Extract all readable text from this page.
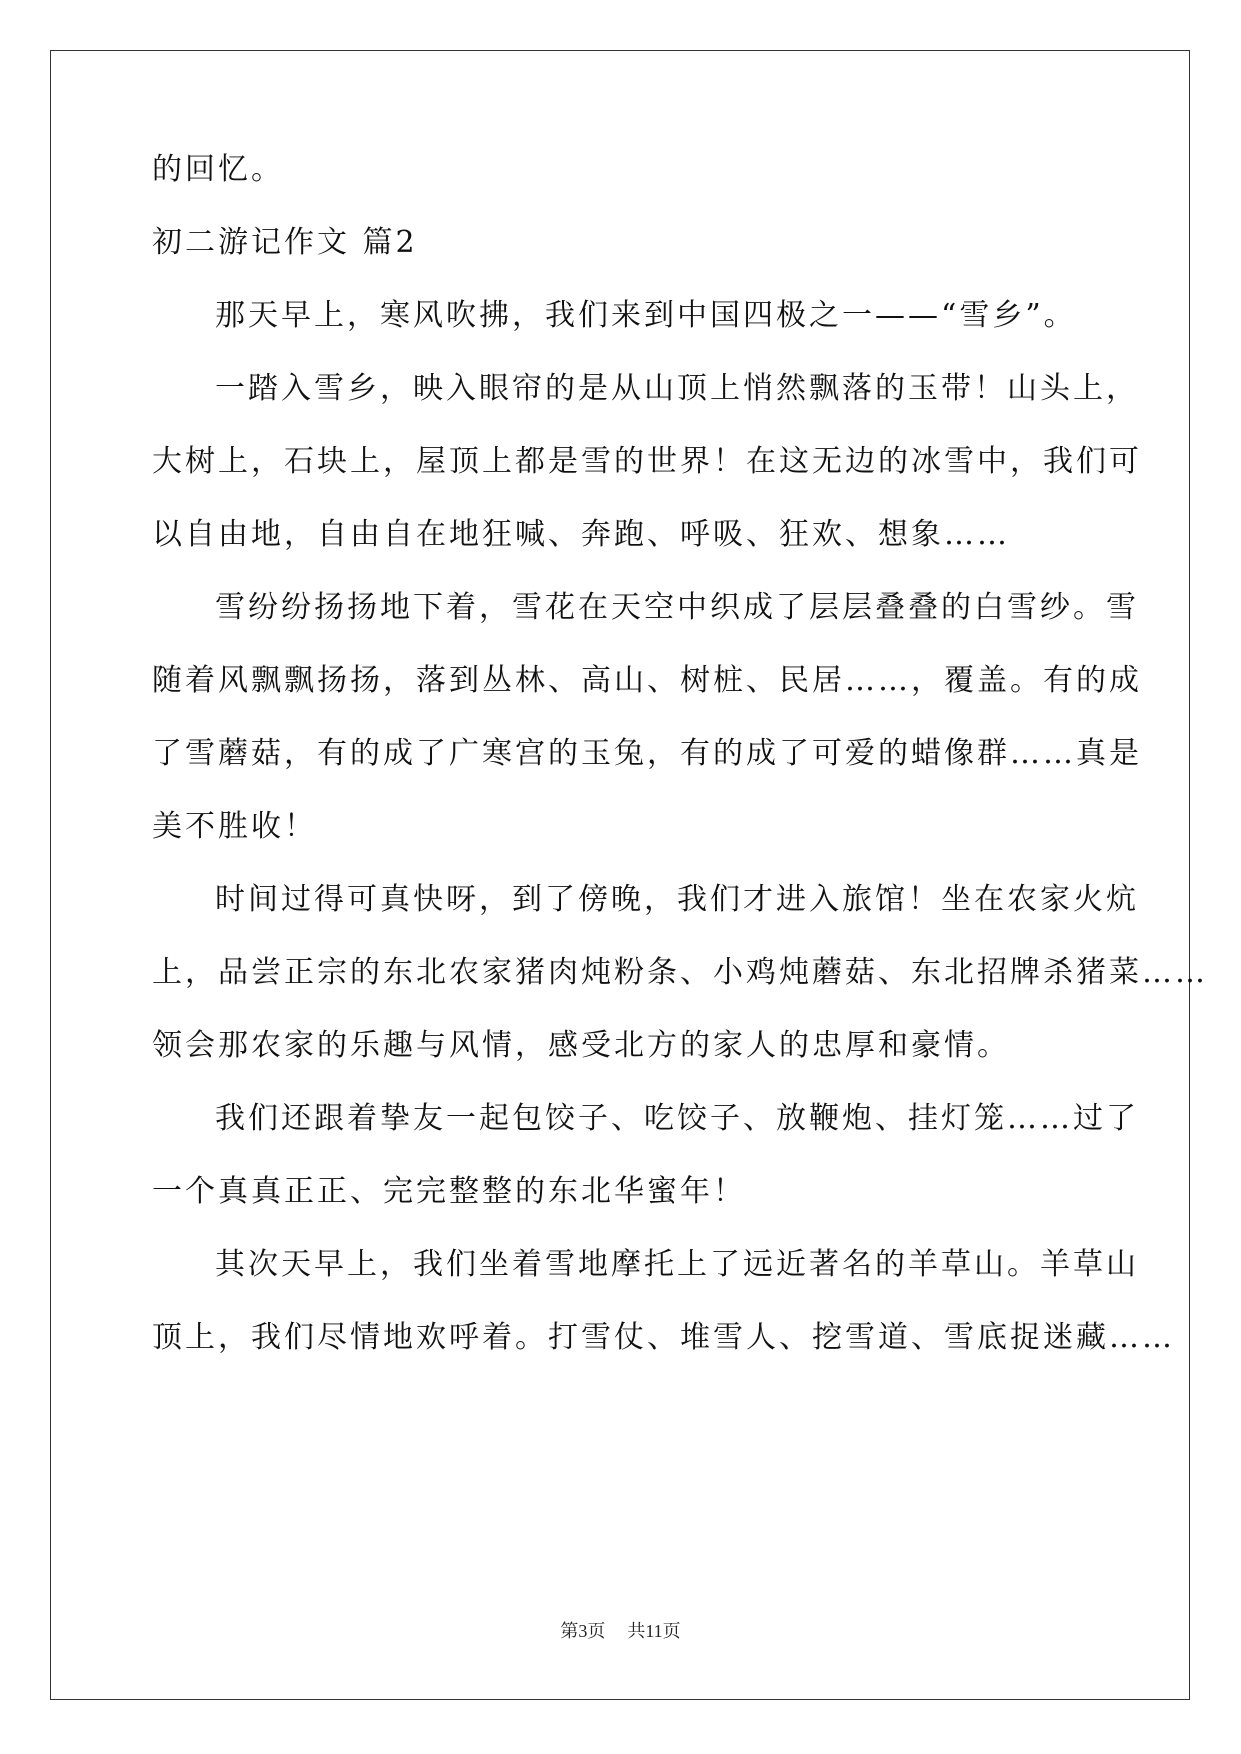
的回忆。
初二游记作文 篇2
那天早上，寒风吹拂，我们来到中国四极之一——“雪乡”。
一踏入雪乡，映入眼帘的是从山顶上悄然飘落的玉带！山头上，
大树上，石块上，屋顶上都是雪的世界！在这无边的冰雪中，我们可
以自由地，自由自在地狂喊、奔跑、呼吸、狂欢、想象……
雪纷纷扬扬地下着，雪花在天空中织成了层层叠叠的白雪纱。雪
随着风飘飘扬扬，落到丛林、高山、树桩、民居……，覆盖。有的成
了雪蘑菇，有的成了广寒宫的玉兔，有的成了可爱的蜡像群……真是
美不胜收！
时间过得可真快呀，到了傍晚，我们才进入旅馆！坐在农家火炕
上，品尝正宗的东北农家猪肉炖粉条、小鸡炖蘑菇、东北招牌杀猪菜……
领会那农家的乐趣与风情，感受北方的家人的忠厚和豪情。
我们还跟着挚友一起包饺子、吃饺子、放鞭炮、挂灯笼……过了
一个真真正正、完完整整的东北华蜜年！
其次天早上，我们坐着雪地摩托上了远近著名的羊草山。羊草山
顶上，我们尽情地欢呼着。打雪仗、堆雪人、挖雪道、雪底捉迷藏……
第3页 共11页
